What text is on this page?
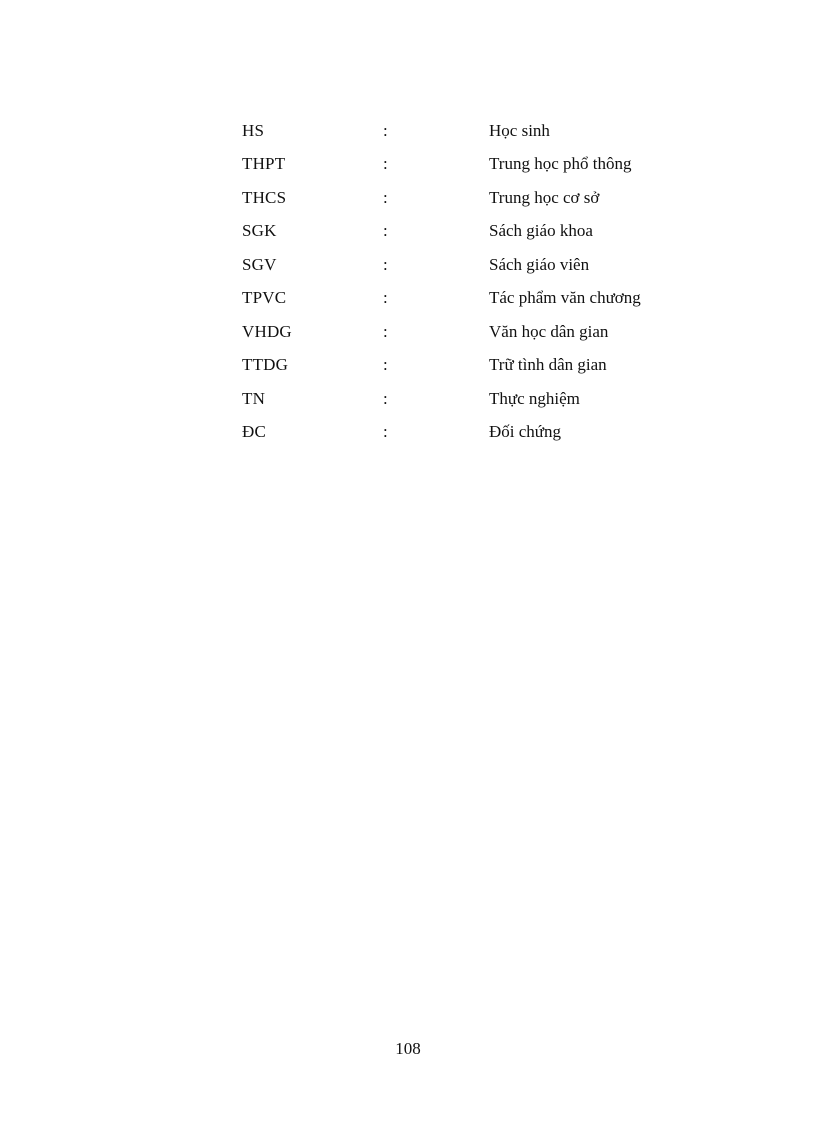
HS	:	Học sinh
THPT	:	Trung học phổ thông
THCS	:	Trung học cơ sở
SGK	:	Sách giáo khoa
SGV	:	Sách giáo viên
TPVC	:	Tác phẩm văn chương
VHDG	:	Văn học dân gian
TTDG	:	Trữ tình dân gian
TN	:	Thực nghiệm
ĐC	:	Đối chứng
108
